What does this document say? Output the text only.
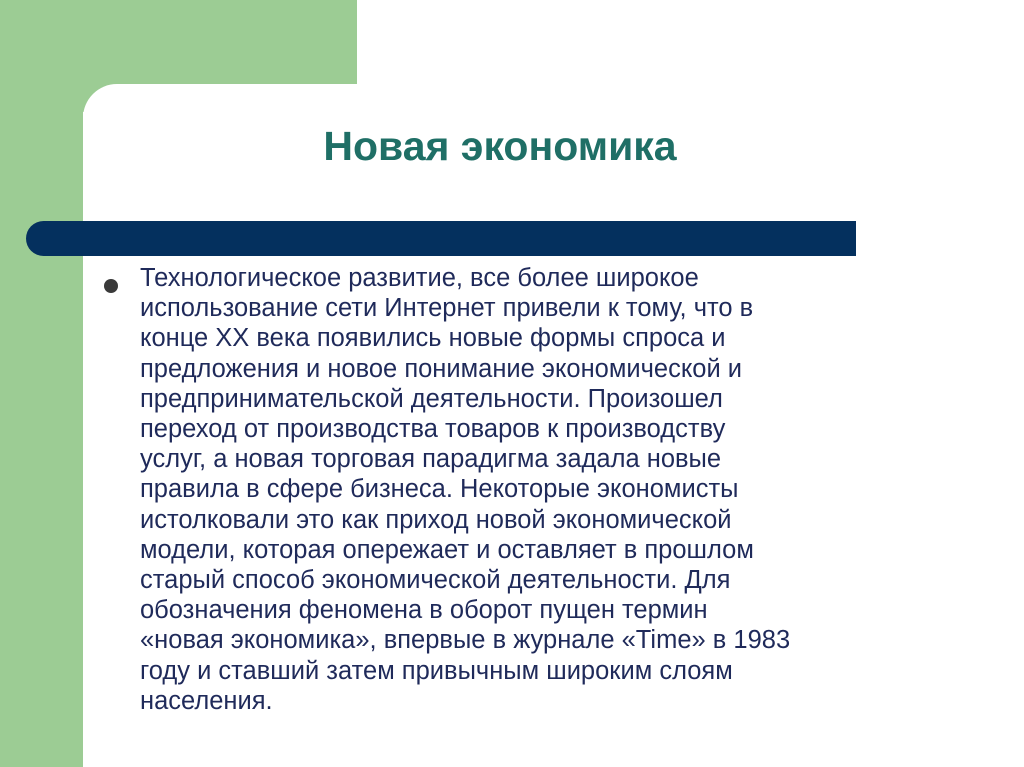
Новая экономика

Технологическое развитие, все более широкое
использование сети Интернет привели к тому, что в
конце XX века появились новые формы спроса и
предложения и новое понимание экономической и
предпринимательской деятельности. Произошел
переход от производства товаров к производству
услуг, а новая торговая парадигма задала новые
правила в сфере бизнеса. Некоторые экономисты
истолковали это как приход новой экономической
модели, которая опережает и оставляет в прошлом
старый способ экономической деятельности. Для
обозначения феномена в оборот пущен термин
«новая экономика», впервые в журнале «Time» в 1983
году и ставший затем привычным широким слоям
населения.
